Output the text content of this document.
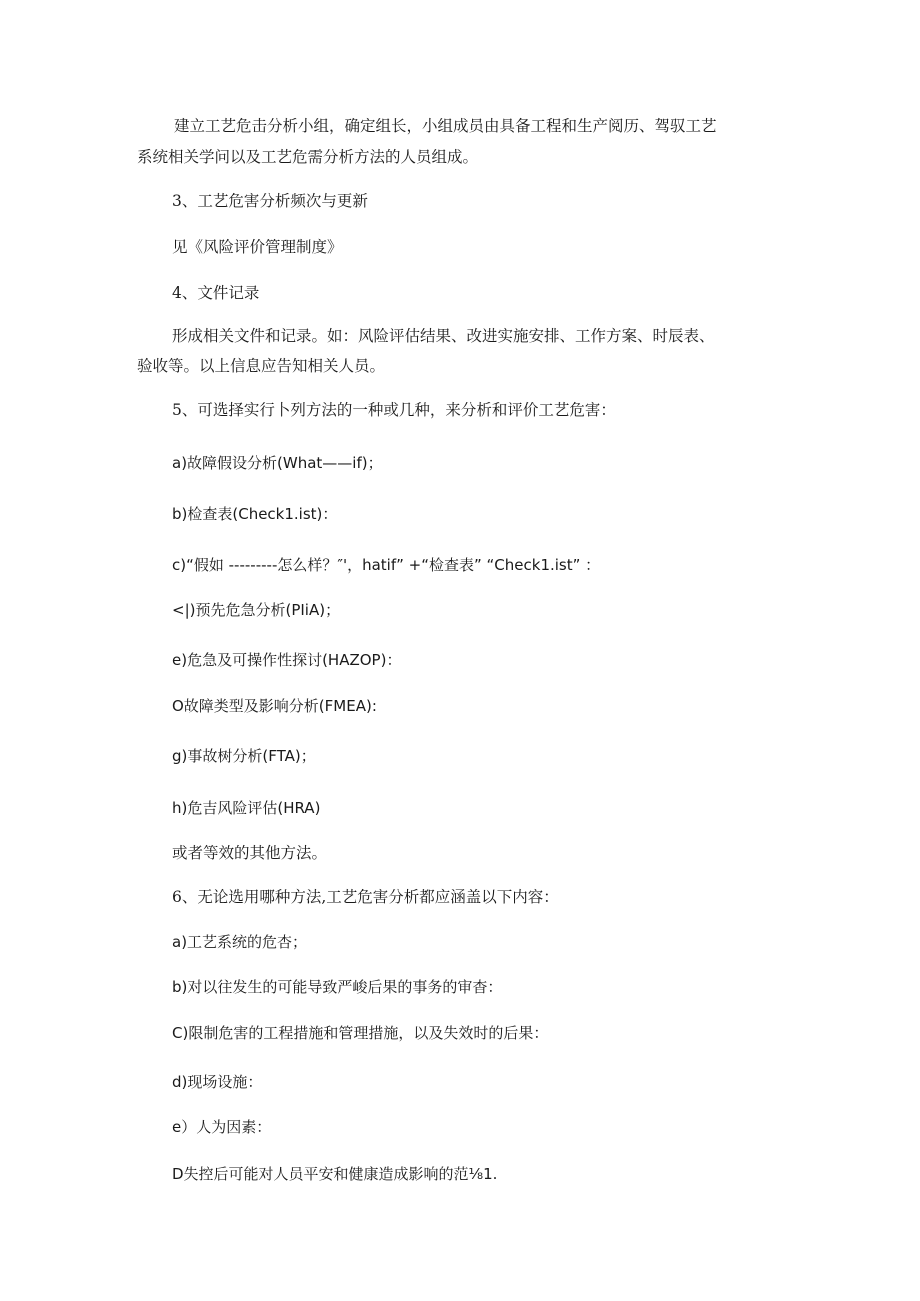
建立工艺危击分析小组，确定组长，小组成员由具备工程和生产阅历、驾驭工艺
系统相关学问以及工艺危需分析方法的人员组成。
3、工艺危害分析频次与更新
见《风险评价管理制度》
4、文件记录
形成相关文件和记录。如：风险评估结果、改进实施安排、工作方案、时辰表、
验收等。以上信息应告知相关人员。
5、可选择实行卜列方法的一种或几种，来分析和评价工艺危害：
a)故障假设分析(What——if)；
b)检查表(Check1.ist)：
c)“假如 ---------怎么样？″'，hatif” +“检查表” “Check1.ist” ：
<|)预先危急分析(PIiA)；
e)危急及可操作性探讨(HAZOP)：
O故障类型及影响分析(FMEA):
g)事故树分析(FTA)；
h)危吉风险评估(HRA)
或者等效的其他方法。
6、无论选用哪种方法,工艺危害分析都应涵盖以下内容：
a)工艺系统的危杏；
b)对以往发生的可能导致严峻后果的事务的审杳：
C)限制危害的工程措施和管理措施，以及失效时的后果：
d)现场设施：
e）人为因素：
D失控后可能对人员平安和健康造成影响的范⅛1.
